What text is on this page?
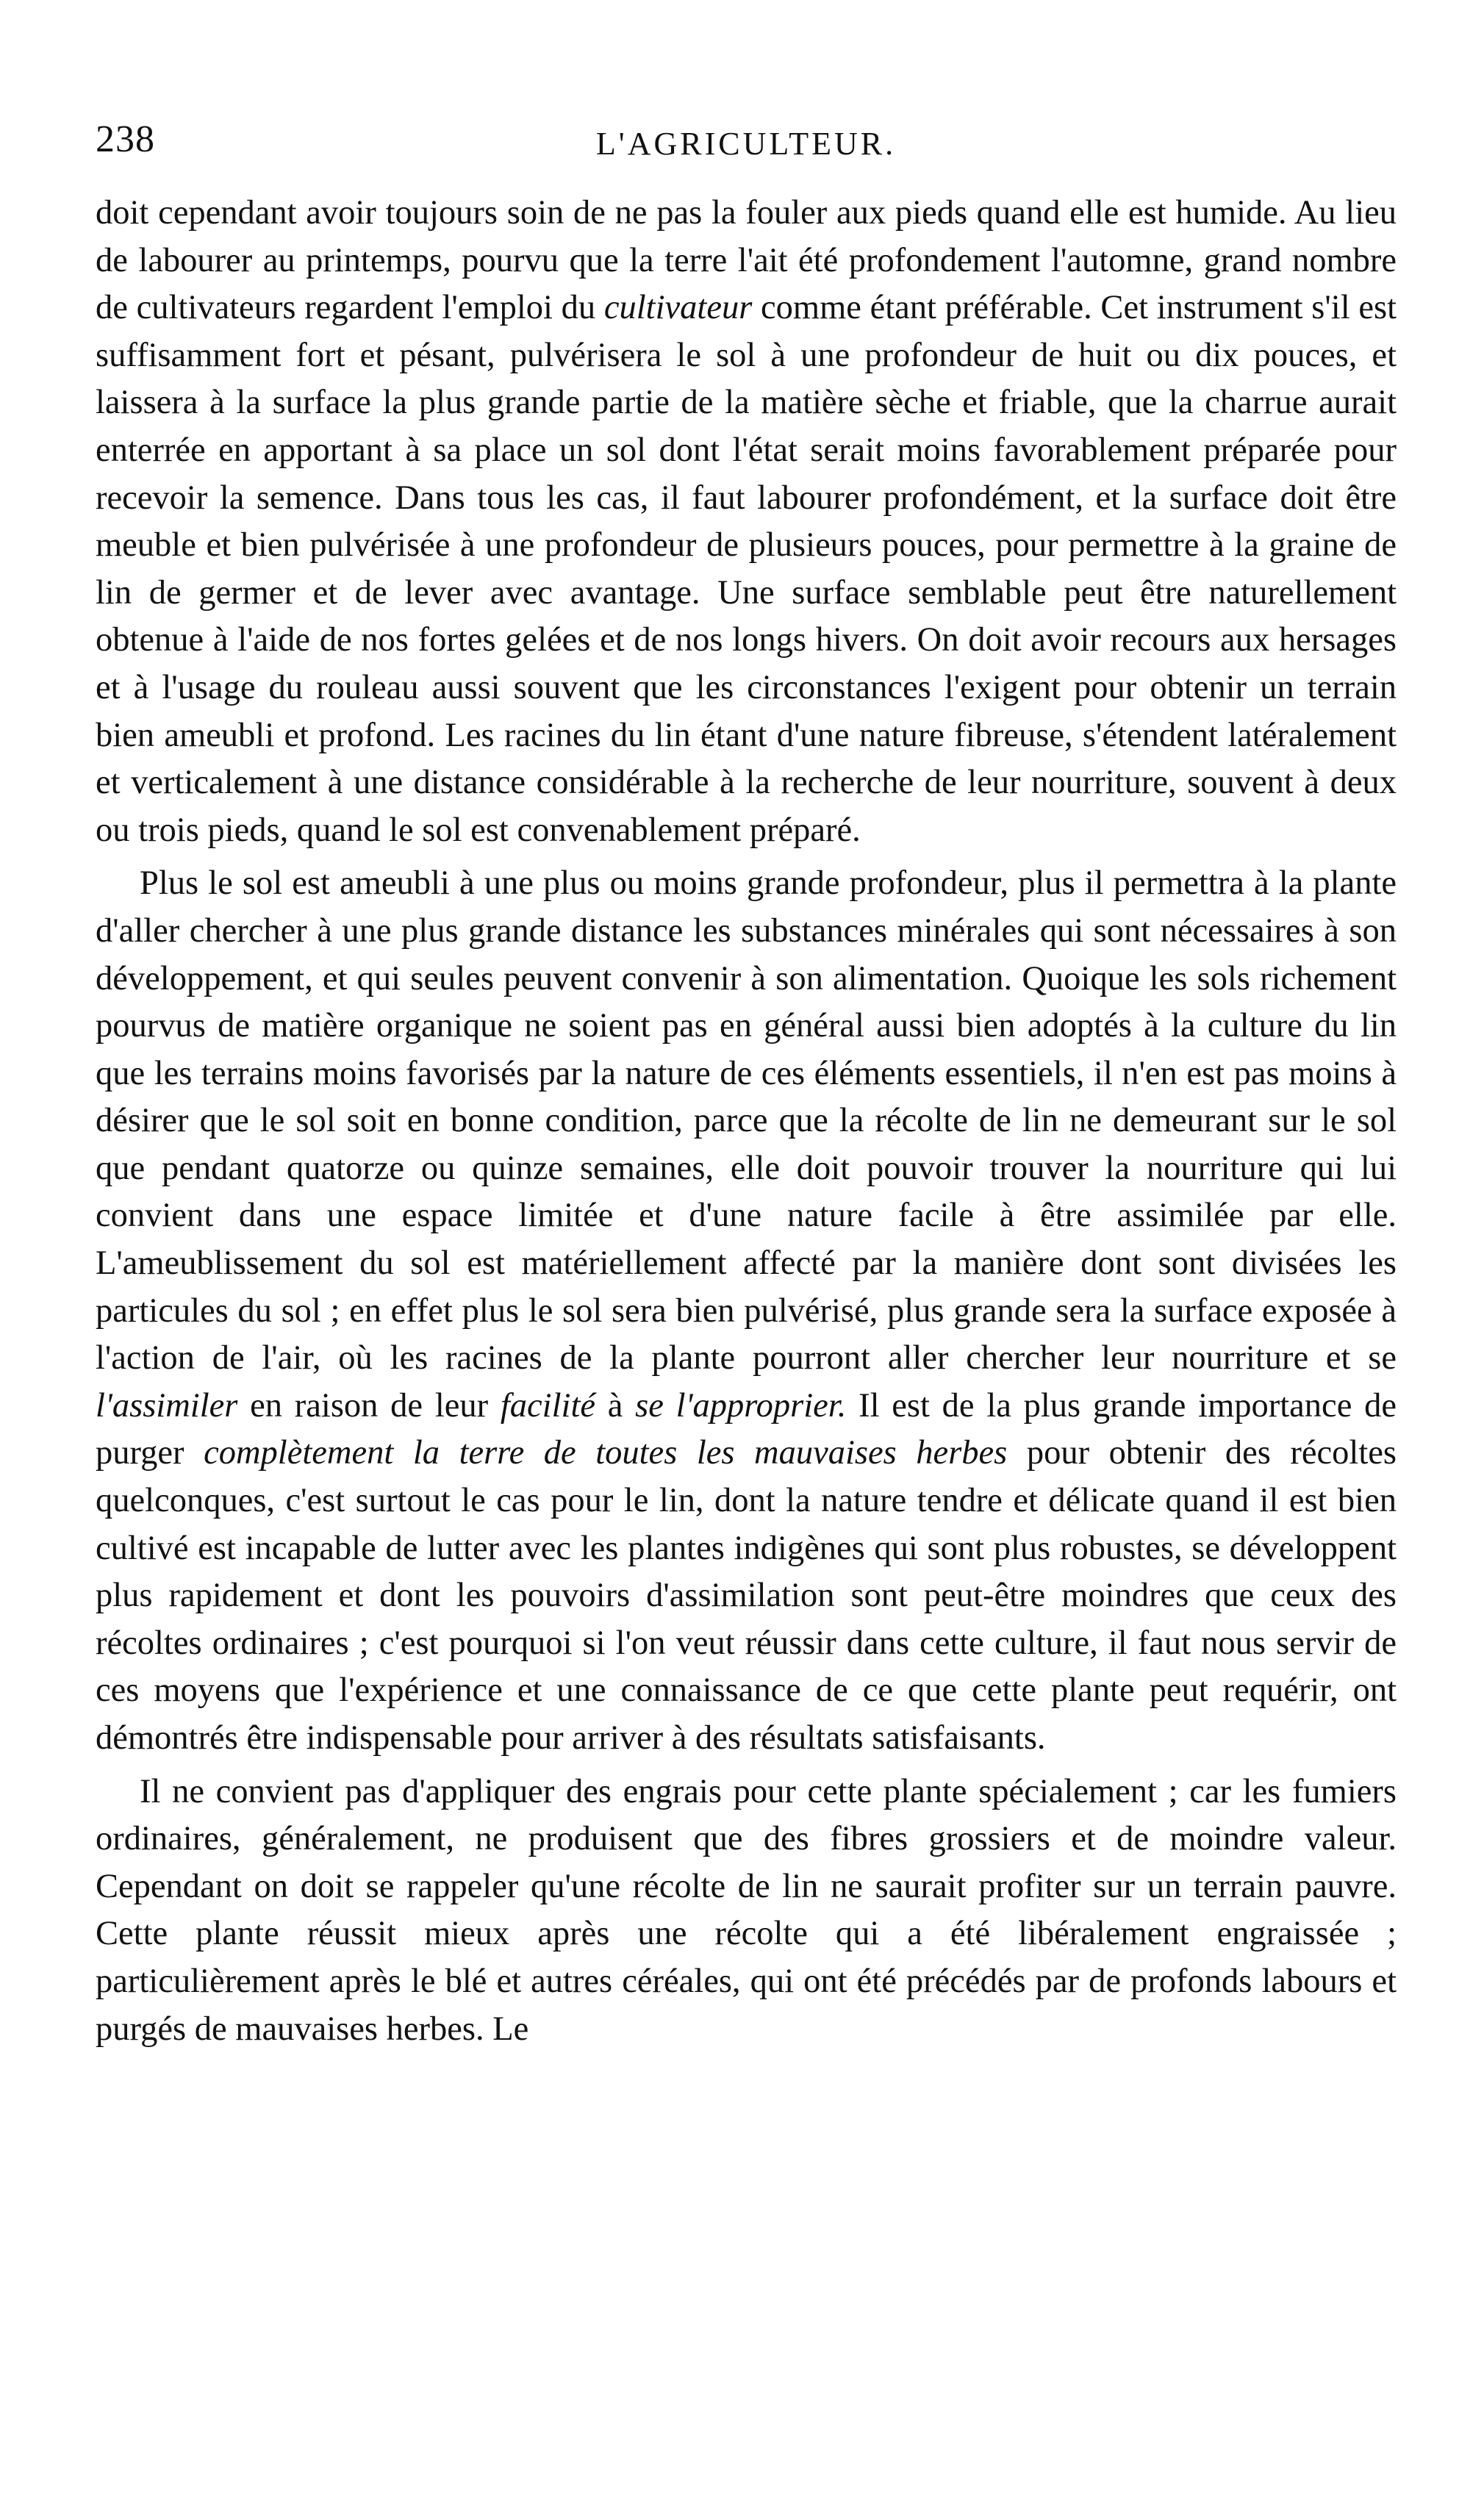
238	L'AGRICULTEUR.

doit cependant avoir toujours soin de ne pas la fouler aux pieds quand elle est humide. Au lieu de labourer au printemps, pourvu que la terre l'ait été profondement l'automne, grand nombre de cultivateurs regardent l'emploi du cultivateur comme étant préférable. Cet instrument s'il est suffisamment fort et pésant, pulvérisera le sol à une profondeur de huit ou dix pouces, et laissera à la surface la plus grande partie de la matière sèche et friable, que la charrue aurait enterrée en apportant à sa place un sol dont l'état serait moins favorablement préparée pour recevoir la semence. Dans tous les cas, il faut labourer profondément, et la surface doit être meuble et bien pulvérisée à une profondeur de plusieurs pouces, pour permettre à la graine de lin de germer et de lever avec avantage. Une surface semblable peut être naturellement obtenue à l'aide de nos fortes gelées et de nos longs hivers. On doit avoir recours aux hersages et à l'usage du rouleau aussi souvent que les circonstances l'exigent pour obtenir un terrain bien ameubli et profond. Les racines du lin étant d'une nature fibreuse, s'étendent latéralement et verticalement à une distance considérable à la recherche de leur nourriture, souvent à deux ou trois pieds, quand le sol est convenablement préparé.

Plus le sol est ameubli à une plus ou moins grande profondeur, plus il permettra à la plante d'aller chercher à une plus grande distance les substances minérales qui sont nécessaires à son développement, et qui seules peuvent convenir à son alimentation. Quoique les sols richement pourvus de matière organique ne soient pas en général aussi bien adoptés à la culture du lin que les terrains moins favorisés par la nature de ces éléments essentiels, il n'en est pas moins à désirer que le sol soit en bonne condition, parce que la récolte de lin ne demeurant sur le sol que pendant quatorze ou quinze semaines, elle doit pouvoir trouver la nourriture qui lui convient dans une espace limitée et d'une nature facile à être assimilée par elle. L'ameublissement du sol est matériellement affecté par la manière dont sont divisées les particules du sol ; en effet plus le sol sera bien pulvérisé, plus grande sera la surface exposée à l'action de l'air, où les racines de la plante pourront aller chercher leur nourriture et se l'assimiler en raison de leur facilité à se l'approprier. Il est de la plus grande importance de purger complètement la terre de toutes les mauvaises herbes pour obtenir des récoltes quelconques, c'est surtout le cas pour le lin, dont la nature tendre et délicate quand il est bien cultivé est incapable de lutter avec les plantes indigènes qui sont plus robustes, se développent plus rapidement et dont les pouvoirs d'assimilation sont peut-être moindres que ceux des récoltes ordinaires ; c'est pourquoi si l'on veut réussir dans cette culture, il faut nous servir de ces moyens que l'expérience et une connaissance de ce que cette plante peut requérir, ont démontrés être indispensable pour arriver à des résultats satisfaisants.

Il ne convient pas d'appliquer des engrais pour cette plante spécialement ; car les fumiers ordinaires, généralement, ne produisent que des fibres grossiers et de moindre valeur. Cependant on doit se rappeler qu'une récolte de lin ne saurait profiter sur un terrain pauvre. Cette plante réussit mieux après une récolte qui a été libéralement engraissée ; particulièrement après le blé et autres céréales, qui ont été précédés par de profonds labours et purgés de mauvaises herbes. Le
